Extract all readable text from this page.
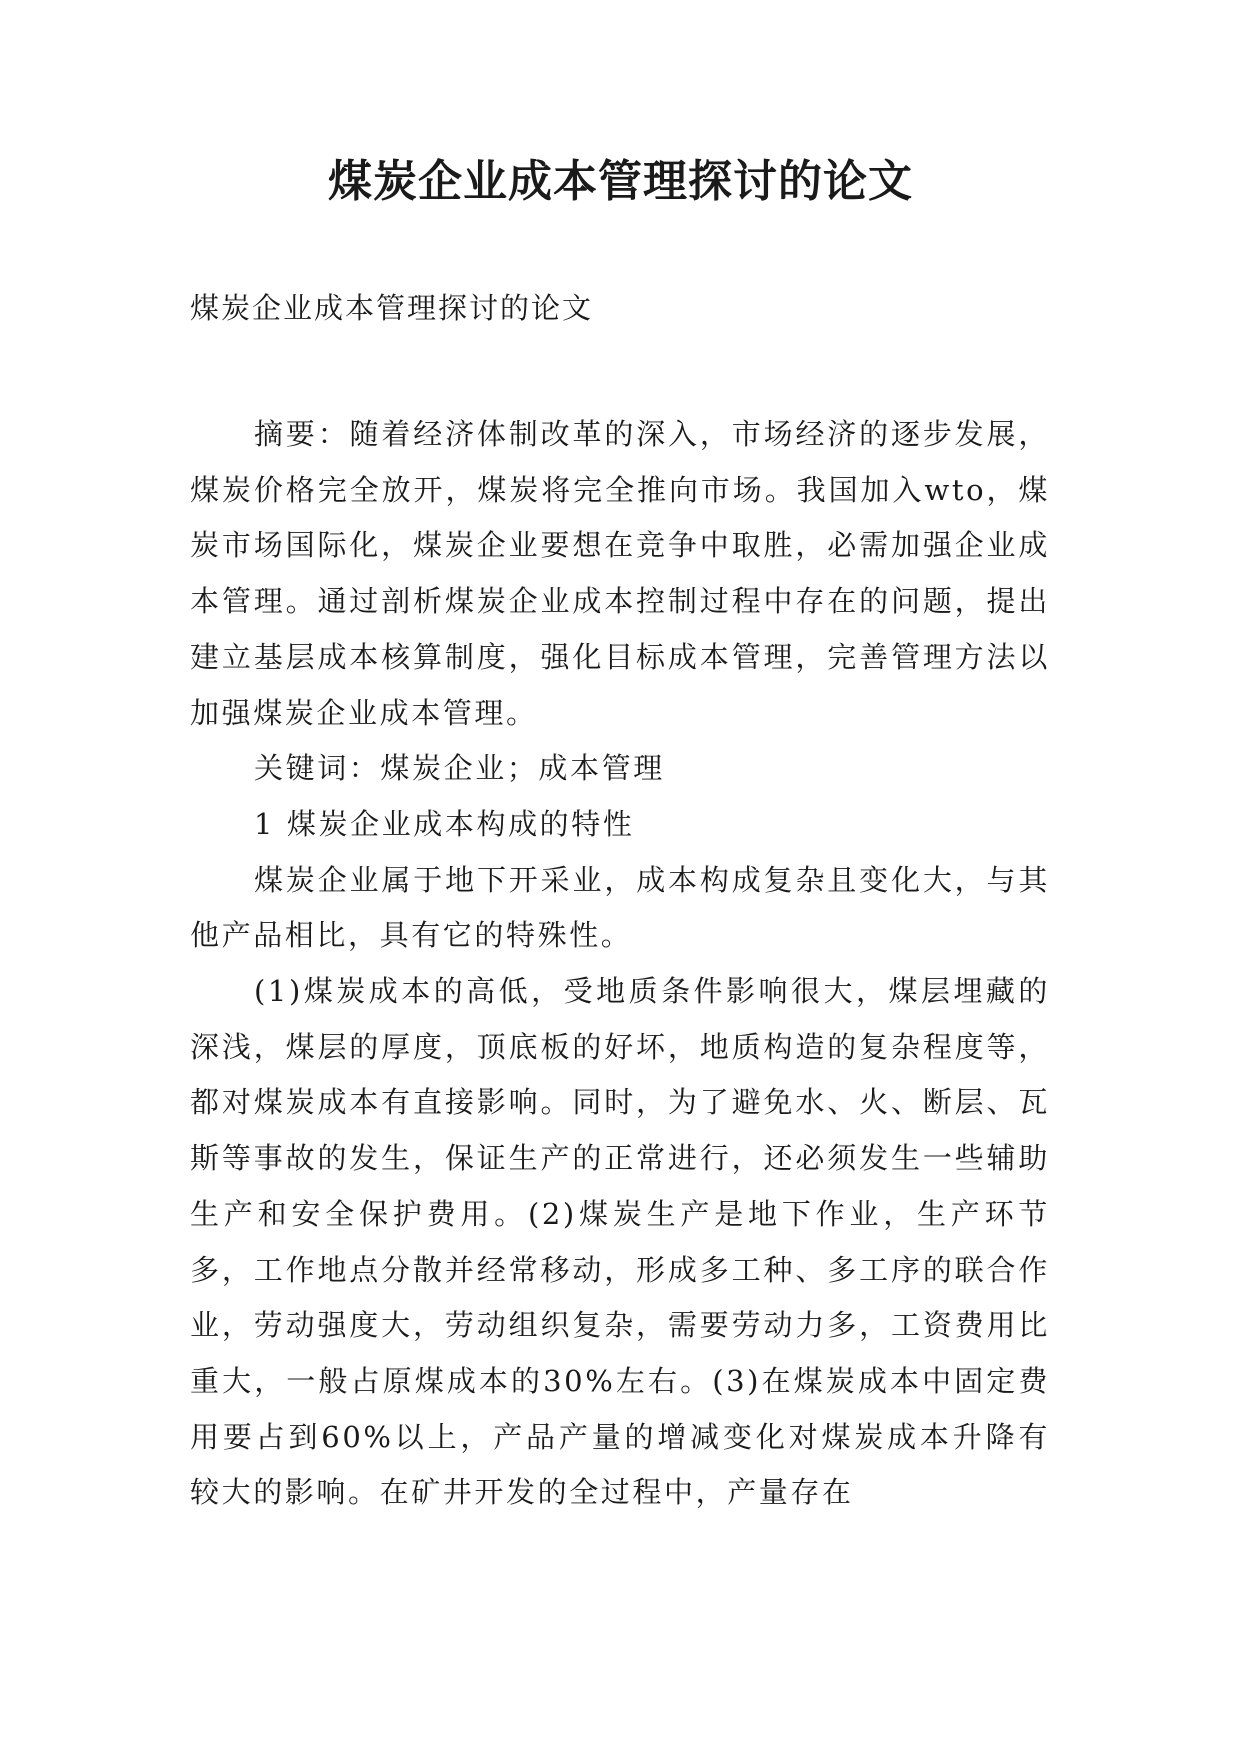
煤炭企业成本管理探讨的论文

煤炭企业成本管理探讨的论文

摘要：随着经济体制改革的深入，市场经济的逐步发展，煤炭价格完全放开，煤炭将完全推向市场。我国加入wto，煤炭市场国际化，煤炭企业要想在竞争中取胜，必需加强企业成本管理。通过剖析煤炭企业成本控制过程中存在的问题，提出建立基层成本核算制度，强化目标成本管理，完善管理方法以加强煤炭企业成本管理。

关键词：煤炭企业；成本管理

1 煤炭企业成本构成的特性

煤炭企业属于地下开采业，成本构成复杂且变化大，与其他产品相比，具有它的特殊性。

(1)煤炭成本的高低，受地质条件影响很大，煤层埋藏的深浅，煤层的厚度，顶底板的好坏，地质构造的复杂程度等，都对煤炭成本有直接影响。同时，为了避免水、火、断层、瓦斯等事故的发生，保证生产的正常进行，还必须发生一些辅助生产和安全保护费用。(2)煤炭生产是地下作业，生产环节多，工作地点分散并经常移动，形成多工种、多工序的联合作业，劳动强度大，劳动组织复杂，需要劳动力多，工资费用比重大，一般占原煤成本的30%左右。(3)在煤炭成本中固定费用要占到60%以上，产品产量的增减变化对煤炭成本升降有较大的影响。在矿井开发的全过程中，产量存在
